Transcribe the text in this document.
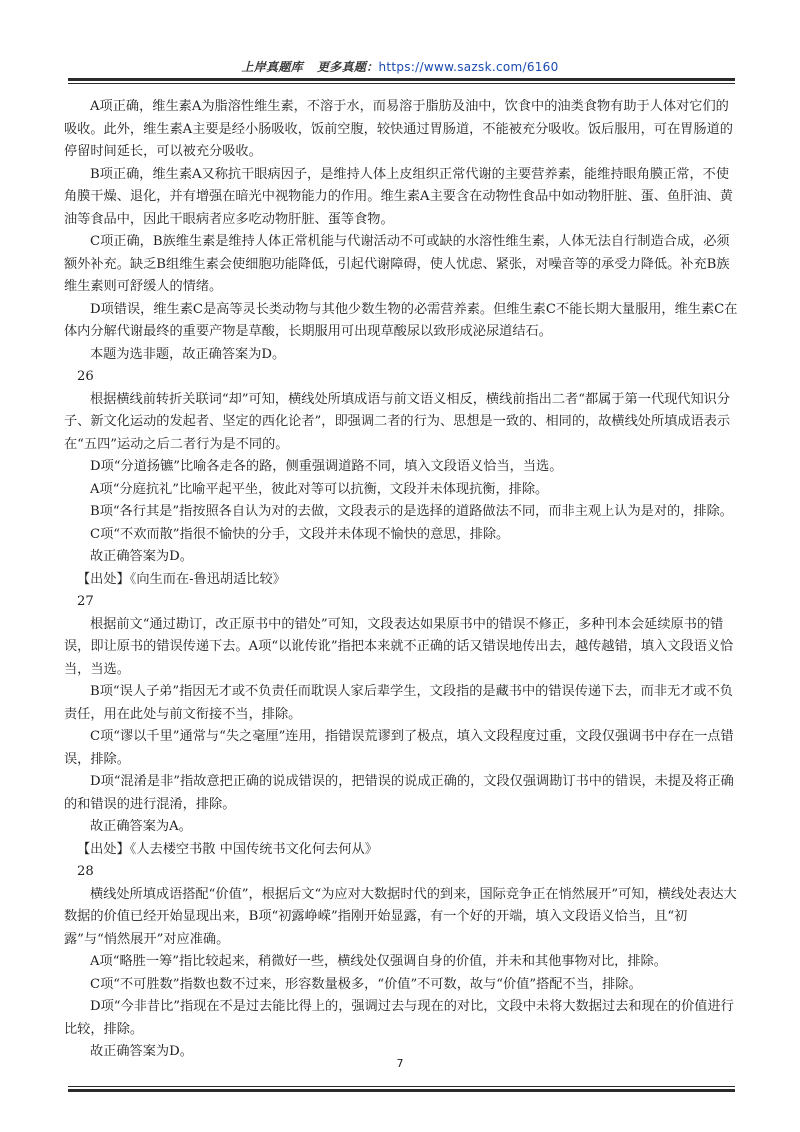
上岸真题库 更多真题：https://www.sazsk.com/6160

A项正确，维生素A为脂溶性维生素，不溶于水，而易溶于脂肪及油中，饮食中的油类食物有助于人体对它们的吸收。此外，维生素A主要是经小肠吸收，饭前空腹，较快通过胃肠道，不能被充分吸收。饭后服用，可在胃肠道的停留时间延长，可以被充分吸收。

B项正确，维生素A又称抗干眼病因子，是维持人体上皮组织正常代谢的主要营养素，能维持眼角膜正常，不使角膜干燥、退化，并有增强在暗光中视物能力的作用。维生素A主要含在动物性食品中如动物肝脏、蛋、鱼肝油、黄油等食品中，因此干眼病者应多吃动物肝脏、蛋等食物。

C项正确，B族维生素是维持人体正常机能与代谢活动不可或缺的水溶性维生素，人体无法自行制造合成，必须额外补充。缺乏B组维生素会使细胞功能降低，引起代谢障碍，使人忧虑、紧张，对噪音等的承受力降低。补充B族维生素则可舒缓人的情绪。

D项错误，维生素C是高等灵长类动物与其他少数生物的必需营养素。但维生素C不能长期大量服用，维生素C在体内分解代谢最终的重要产物是草酸，长期服用可出现草酸尿以致形成泌尿道结石。

本题为选非题，故正确答案为D。

26

根据横线前转折关联词“却”可知，横线处所填成语与前文语义相反，横线前指出二者“都属于第一代现代知识分子、新文化运动的发起者、坚定的西化论者”，即强调二者的行为、思想是一致的、相同的，故横线处所填成语表示在“五四”运动之后二者行为是不同的。

D项“分道扬镳”比喻各走各的路，侧重强调道路不同，填入文段语义恰当，当选。

A项“分庭抗礼”比喻平起平坐，彼此对等可以抗衡，文段并未体现抗衡，排除。

B项“各行其是”指按照各自认为对的去做，文段表示的是选择的道路做法不同，而非主观上认为是对的，排除。

C项“不欢而散”指很不愉快的分手，文段并未体现不愉快的意思，排除。

故正确答案为D。

【出处】《向生而在-鲁迅胡适比较》

27

根据前文“通过勘订，改正原书中的错处”可知，文段表达如果原书中的错误不修正，多种刊本会延续原书的错误，即让原书的错误传递下去。A项“以讹传讹”指把本来就不正确的话又错误地传出去，越传越错，填入文段语义恰当，当选。

B项“误人子弟”指因无才或不负责任而耽误人家后辈学生，文段指的是藏书中的错误传递下去，而非无才或不负责任，用在此处与前文衔接不当，排除。

C项“谬以千里”通常与“失之毫厘”连用，指错误荒谬到了极点，填入文段程度过重，文段仅强调书中存在一点错误，排除。

D项“混淆是非”指故意把正确的说成错误的，把错误的说成正确的，文段仅强调勘订书中的错误，未提及将正确的和错误的进行混淆，排除。

故正确答案为A。

【出处】《人去楼空书散 中国传统书文化何去何从》

28

横线处所填成语搭配“价值”，根据后文“为应对大数据时代的到来，国际竞争正在悄然展开”可知，横线处表达大数据的价值已经开始显现出来，B项“初露峥嵘”指刚开始显露，有一个好的开端，填入文段语义恰当，且“初露”与“悄然展开”对应准确。

A项“略胜一筹”指比较起来，稍微好一些，横线处仅强调自身的价值，并未和其他事物对比，排除。

C项“不可胜数”指数也数不过来，形容数量极多，“价值”不可数，故与“价值”搭配不当，排除。

D项“今非昔比”指现在不是过去能比得上的，强调过去与现在的对比，文段中未将大数据过去和现在的价值进行比较，排除。

故正确答案为D。

7
